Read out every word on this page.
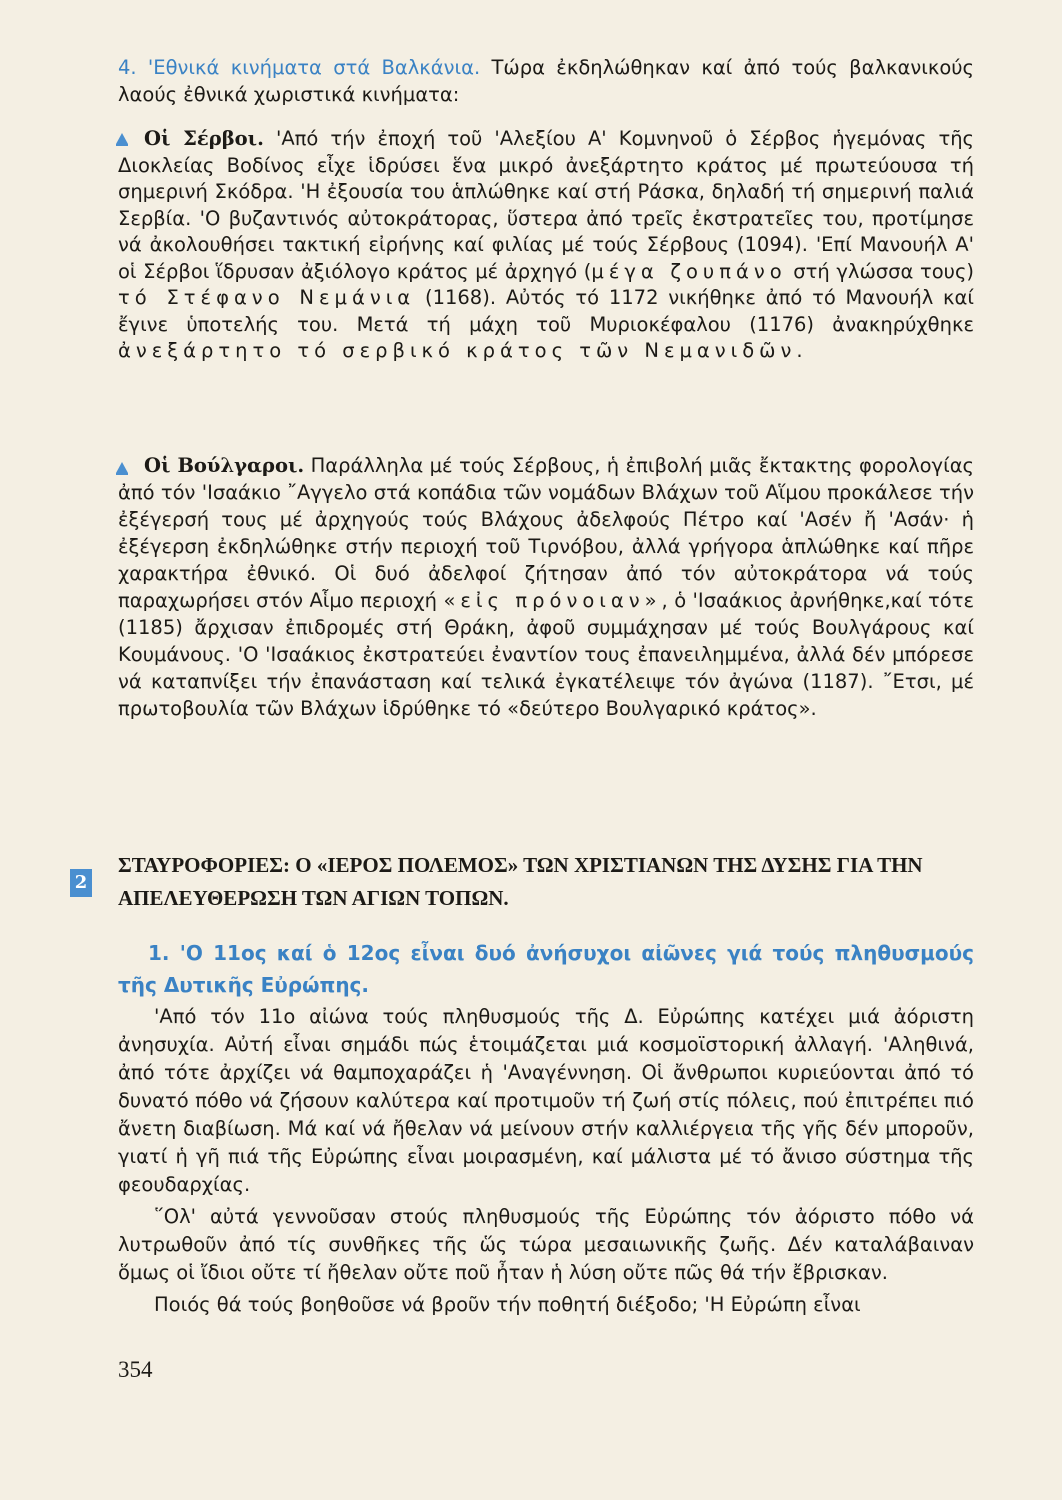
4. 'Εθνικά κινήματα στά Βαλκάνια. Τώρα ἐκδηλώθηκαν καί ἀπό τούς βαλκανικούς λαούς ἐθνικά χωριστικά κινήματα:

Οἱ Σέρβοι. 'Από τήν ἐποχή τοῦ 'Αλεξίου Α' Κομνηνοῦ ὁ Σέρβος ἡγεμόνας τῆς Διοκλείας Βοδίνος εἶχε ἱδρύσει ἕνα μικρό ἀνεξάρτητο κράτος μέ πρωτεύουσα τή σημερινή Σκόδρα. 'Η ἐξουσία του ἁπλώθηκε καί στή Ράσκα, δηλαδή τή σημερινή παλιά Σερβία. 'Ο βυζαντινός αὐτοκράτορας, ὕστερα ἀπό τρεῖς ἐκστρατεῖες του, προτίμησε νά ἀκολουθήσει τακτική εἰρήνης καί φιλίας μέ τούς Σέρβους (1094). 'Επί Μανουήλ Α' οἱ Σέρβοι ἵδρυσαν ἀξιόλογο κράτος μέ ἀρχηγό (μέγα ζουπάνο στή γλώσσα τους) τό Στέφανο Νεμάνια (1168). Αὐτός τό 1172 νικήθηκε ἀπό τό Μανουήλ καί ἔγινε ὑποτελής του. Μετά τή μάχη τοῦ Μυριοκέφαλου (1176) ἀνακηρύχθηκε ἀνεξάρτητο τό σερβικό κράτος τῶν Νεμανιδῶν.

Οἱ Βούλγαροι. Παράλληλα μέ τούς Σέρβους, ἡ ἐπιβολή μιᾶς ἔκτακτης φορολογίας ἀπό τόν 'Ισαάκιο ῎Αγγελο στά κοπάδια τῶν νομάδων Βλάχων τοῦ Αἵμου προκάλεσε τήν ἐξέγερσή τους μέ ἀρχηγούς τούς Βλάχους ἀδελφούς Πέτρο καί 'Ασέν ἤ 'Ασάν· ἡ ἐξέγερση ἐκδηλώθηκε στήν περιοχή τοῦ Τιρνόβου, ἀλλά γρήγορα ἁπλώθηκε καί πῆρε χαρακτήρα ἐθνικό. Οἱ δυό ἀδελφοί ζήτησαν ἀπό τόν αὐτοκράτορα νά τούς παραχωρήσει στόν Αἷμο περιοχή «εἰς πρόνοιαν», ὁ 'Ισαάκιος ἀρνήθηκε,καί τότε (1185) ἄρχισαν ἐπιδρομές στή Θράκη, ἀφοῦ συμμάχησαν μέ τούς Βουλγάρους καί Κουμάνους. 'Ο 'Ισαάκιος ἐκστρατεύει ἐναντίον τους ἐπανειλημμένα, ἀλλά δέν μπόρεσε νά καταπνίξει τήν ἐπανάσταση καί τελικά ἐγκατέλειψε τόν ἀγώνα (1187). ῎Ετσι, μέ πρωτοβουλία τῶν Βλάχων ἱδρύθηκε τό «δεύτερο Βουλγαρικό κράτος».

2
ΣΤΑΥΡΟΦΟΡΙΕΣ: Ο «ΙΕΡΟΣ ΠΟΛΕΜΟΣ» ΤΩΝ ΧΡΙΣΤΙΑΝΩΝ ΤΗΣ ΔΥΣΗΣ ΓΙΑ ΤΗΝ ΑΠΕΛΕΥΘΕΡΩΣΗ ΤΩΝ ΑΓΙΩΝ ΤΟΠΩΝ.

1. 'Ο 11ος καί ὁ 12ος εἶναι δυό ἀνήσυχοι αἰῶνες γιά τούς πληθυσμούς τῆς Δυτικῆς Εὐρώπης.

'Από τόν 11ο αἰώνα τούς πληθυσμούς τῆς Δ. Εὐρώπης κατέχει μιά ἀόριστη ἀνησυχία. Αὐτή εἶναι σημάδι πώς ἑτοιμάζεται μιά κοσμοϊστορική ἀλλαγή. 'Αληθινά, ἀπό τότε ἀρχίζει νά θαμποχαράζει ἡ 'Αναγέννηση. Οἱ ἄνθρωποι κυριεύονται ἀπό τό δυνατό πόθο νά ζήσουν καλύτερα καί προτιμοῦν τή ζωή στίς πόλεις, πού ἐπιτρέπει πιό ἄνετη διαβίωση. Μά καί νά ἤθελαν νά μείνουν στήν καλλιέργεια τῆς γῆς δέν μποροῦν, γιατί ἡ γῆ πιά τῆς Εὐρώπης εἶναι μοιρασμένη, καί μάλιστα μέ τό ἄνισο σύστημα τῆς φεουδαρχίας.

῞Ολ' αὐτά γεννοῦσαν στούς πληθυσμούς τῆς Εὐρώπης τόν ἀόριστο πόθο νά λυτρωθοῦν ἀπό τίς συνθῆκες τῆς ὥς τώρα μεσαιωνικῆς ζωῆς. Δέν καταλάβαιναν ὅμως οἱ ἴδιοι οὔτε τί ἤθελαν οὔτε ποῦ ἦταν ἡ λύση οὔτε πῶς θά τήν ἔβρισκαν.

Ποιός θά τούς βοηθοῦσε νά βροῦν τήν ποθητή διέξοδο; 'Η Εὐρώπη εἶναι

354
